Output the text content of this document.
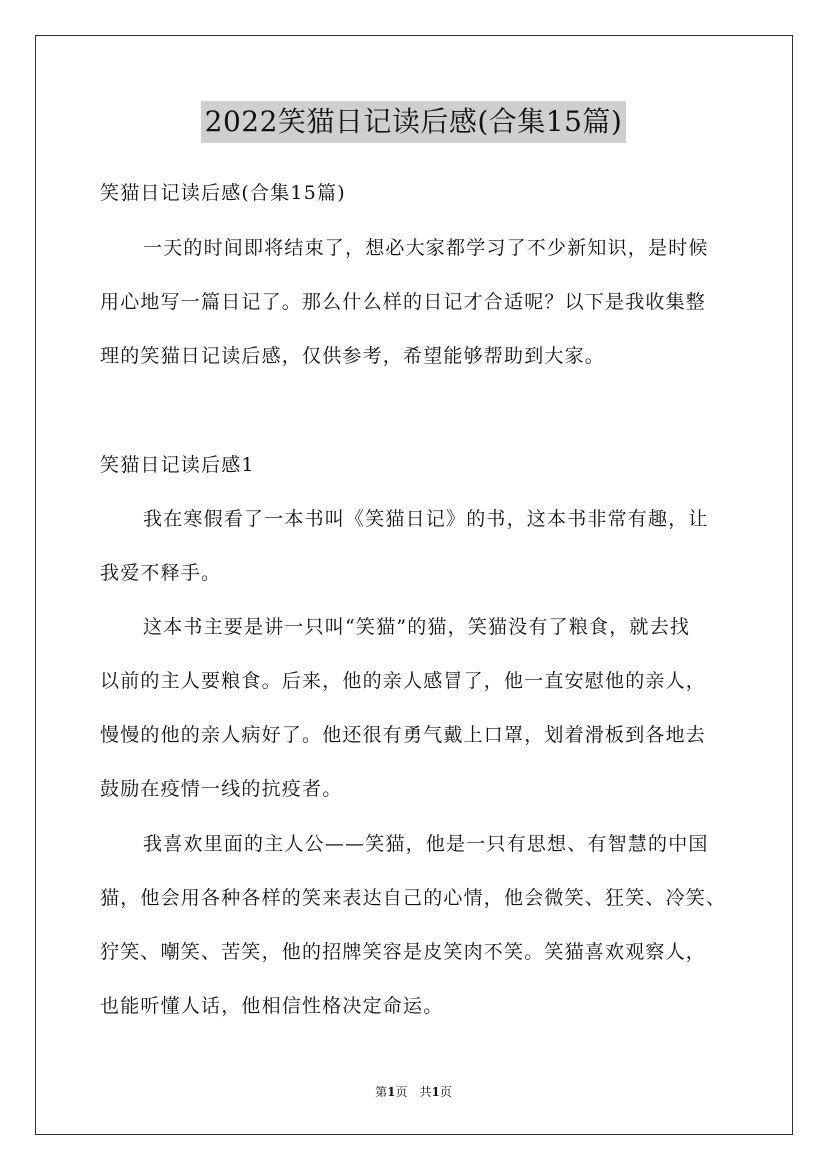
2022笑猫日记读后感(合集15篇)
笑猫日记读后感(合集15篇)
一天的时间即将结束了，想必大家都学习了不少新知识，是时候
用心地写一篇日记了。那么什么样的日记才合适呢？以下是我收集整
理的笑猫日记读后感，仅供参考，希望能够帮助到大家。
笑猫日记读后感1
我在寒假看了一本书叫《笑猫日记》的书，这本书非常有趣，让
我爱不释手。
这本书主要是讲一只叫“笑猫”的猫，笑猫没有了粮食，就去找
以前的主人要粮食。后来，他的亲人感冒了，他一直安慰他的亲人，
慢慢的他的亲人病好了。他还很有勇气戴上口罩，划着滑板到各地去
鼓励在疫情一线的抗疫者。
我喜欢里面的主人公——笑猫，他是一只有思想、有智慧的中国
猫，他会用各种各样的笑来表达自己的心情，他会微笑、狂笑、冷笑、
狞笑、嘲笑、苦笑，他的招牌笑容是皮笑肉不笑。笑猫喜欢观察人，
也能听懂人话，他相信性格决定命运。
第1页　共1页
